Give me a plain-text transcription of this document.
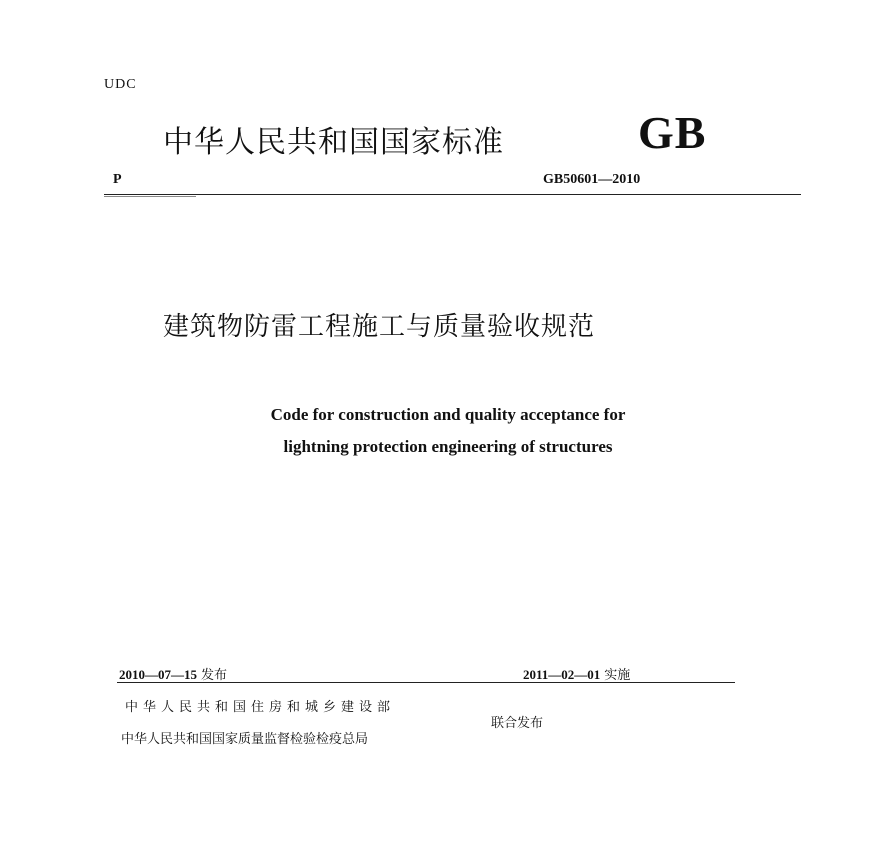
UDC
中华人民共和国国家标准	GB
P	GB50601—2010
建筑物防雷工程施工与质量验收规范
Code for construction and quality acceptance for
lightning protection engineering of structures
2010—07—15 发布	2011—02—01 实施
中华人民共和国住房和城乡建设部
中华人民共和国国家质量监督检验检疫总局
联合发布
